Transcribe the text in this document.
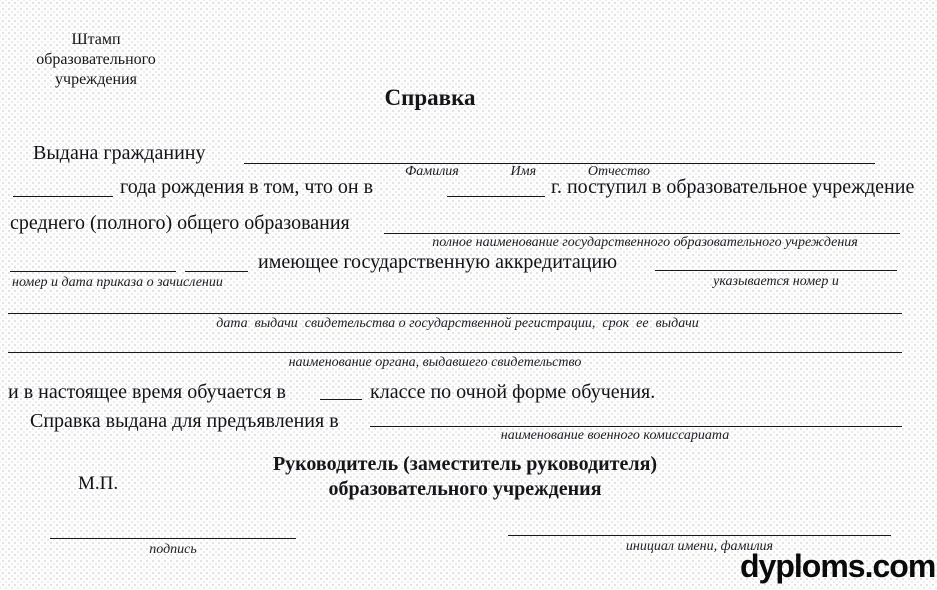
Штамп
образовательного
учреждения
Справка
Выдана гражданину
Фамилия	Имя	Отчество
года рождения в том, что он в	г. поступил в образовательное учреждение
среднего (полного) общего образования
полное наименование государственного образовательного учреждения
имеющее государственную аккредитацию
номер и дата приказа о зачислении	указывается номер и
дата  выдачи  свидетельства о государственной регистрации,  срок  ее  выдачи
наименование органа, выдавшего свидетельство
и в настоящее время обучается в	классе по очной форме обучения.
Справка выдана для предъявления в
наименование военного комиссариата
Руководитель (заместитель руководителя)
образовательного учреждения
М.П.
подпись	инициал имени, фамилия
dyploms.com
